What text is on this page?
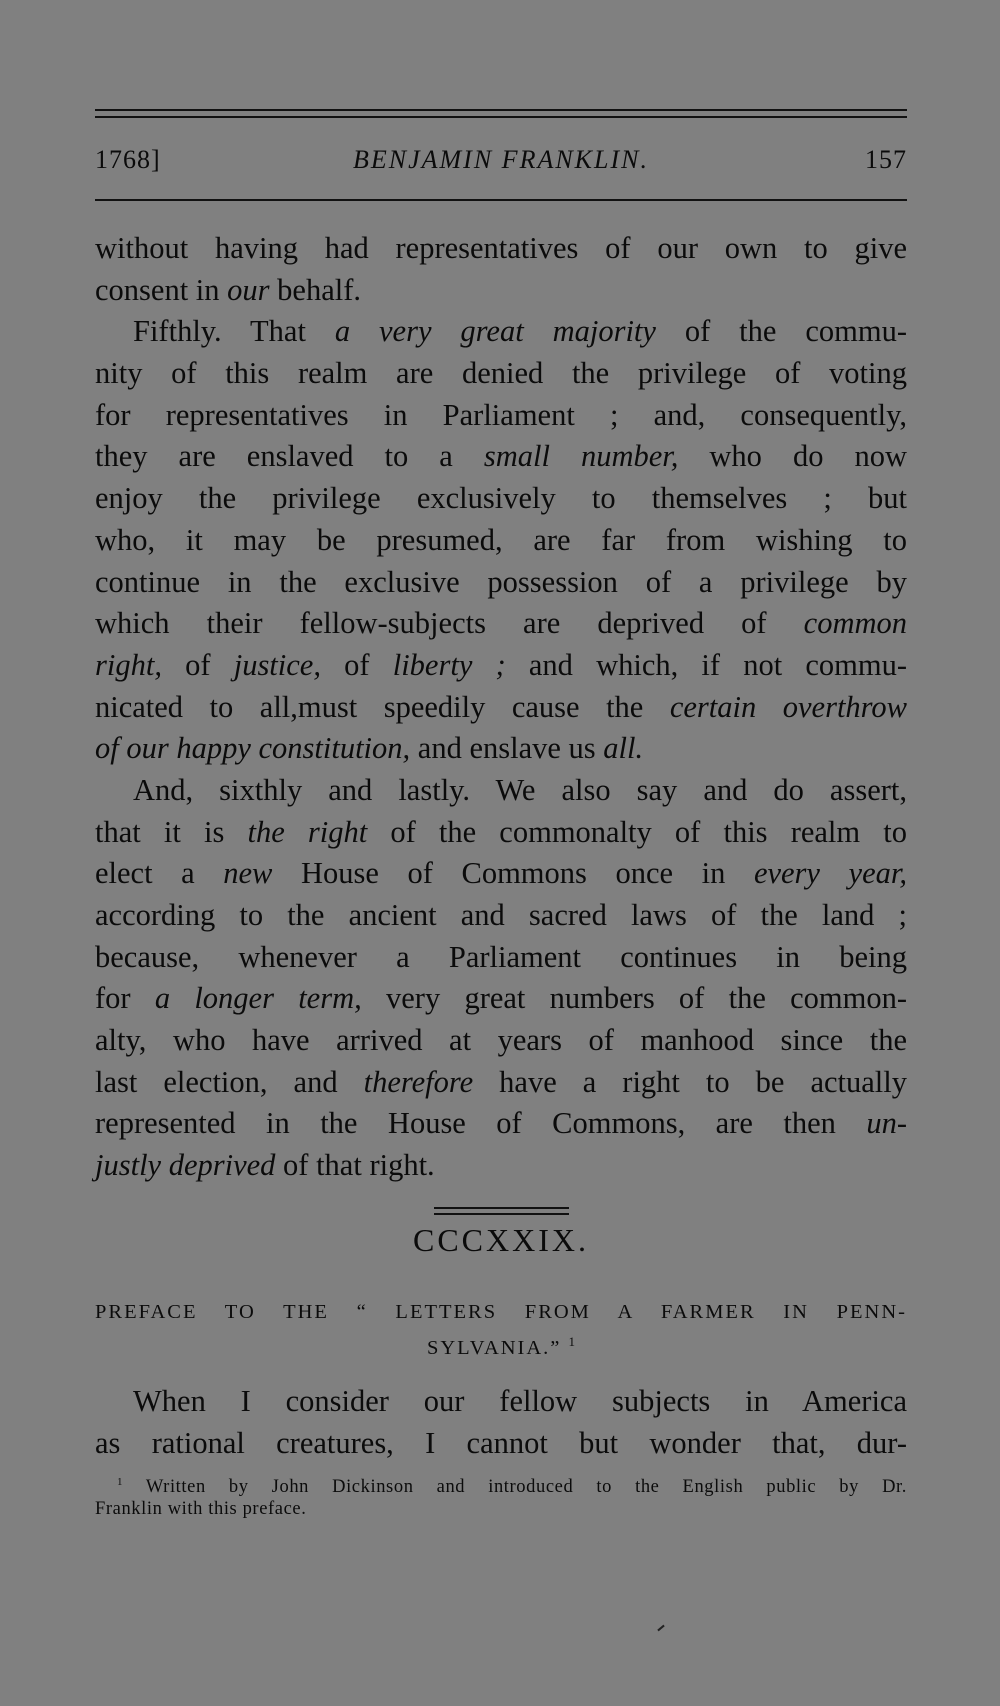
1768]	BENJAMIN FRANKLIN.	157
without having had representatives of our own to give
consent in our behalf.
Fifthly. That a very great majority of the commu-
nity of this realm are denied the privilege of voting
for representatives in Parliament ; and, consequently,
they are enslaved to a small number, who do now
enjoy the privilege exclusively to themselves ; but
who, it may be presumed, are far from wishing to
continue in the exclusive possession of a privilege by
which their fellow-subjects are deprived of common
right, of justice, of liberty ; and which, if not commu-
nicated to all,must speedily cause the certain overthrow
of our happy constitution, and enslave us all.
And, sixthly and lastly. We also say and do assert,
that it is the right of the commonalty of this realm to
elect a new House of Commons once in every year,
according to the ancient and sacred laws of the land ;
because, whenever a Parliament continues in being
for a longer term, very great numbers of the common-
alty, who have arrived at years of manhood since the
last election, and therefore have a right to be actually
represented in the House of Commons, are then un-
justly deprived of that right.
CCCXXIX.
PREFACE TO THE “ LETTERS FROM A FARMER IN PENN-
SYLVANIA.” $^1$
When I consider our fellow subjects in America
as rational creatures, I cannot but wonder that, dur-
$^1$ Written by John Dickinson and introduced to the English public by Dr.
Franklin with this preface.
